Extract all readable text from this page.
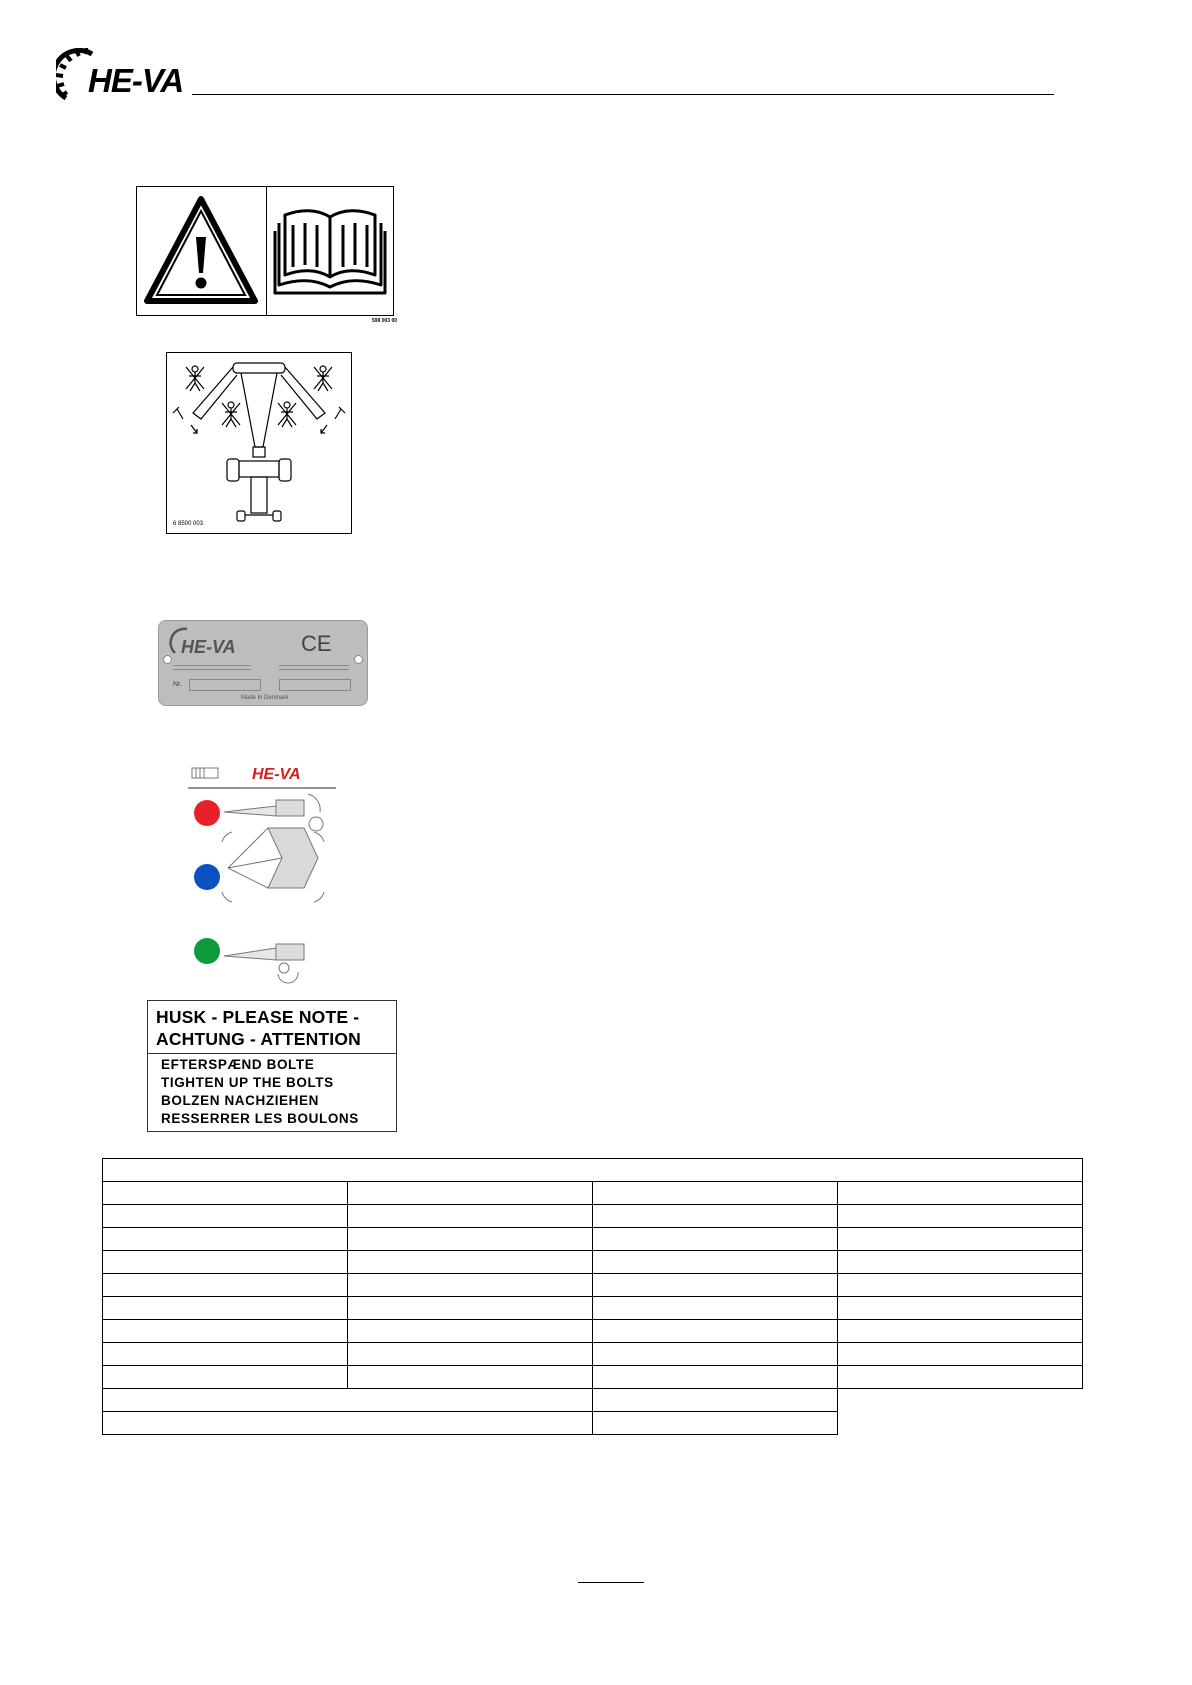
HE-VA
599 003 00
6 8500 003
HE-VA	CE
Nr.
Made in Denmark
HE-VA
HUSK - PLEASE NOTE -
ACHTUNG - ATTENTION
EFTERSPÆND BOLTE
TIGHTEN UP THE BOLTS
BOLZEN NACHZIEHEN
RESSERRER LES BOULONS
